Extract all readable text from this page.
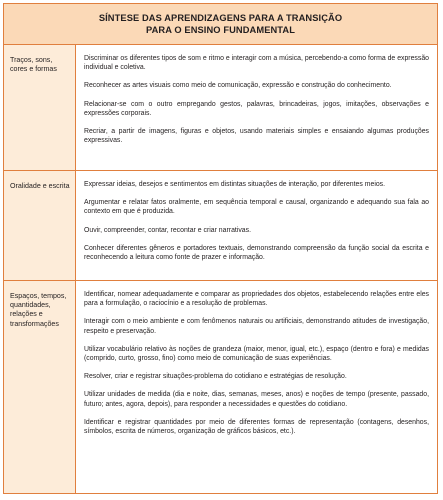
SÍNTESE DAS APRENDIZAGENS PARA A TRANSIÇÃO
PARA O ENSINO FUNDAMENTAL
Traços, sons, cores e formas

Discriminar os diferentes tipos de som e ritmo e interagir com a música, percebendo-a como forma de expressão individual e coletiva.

Reconhecer as artes visuais como meio de comunicação, expressão e construção do conhecimento.

Relacionar-se com o outro empregando gestos, palavras, brincadeiras, jogos, imitações, observações e expressões corporais.

Recriar, a partir de imagens, figuras e objetos, usando materiais simples e ensaiando algumas produções expressivas.

Oralidade e escrita	Expressar ideias, desejos e sentimentos em distintas situações de interação, por diferentes meios.

Argumentar e relatar fatos oralmente, em sequência temporal e causal, organizando e adequando sua fala ao contexto em que é produzida.

Ouvir, compreender, contar, recontar e criar narrativas.

Conhecer diferentes gêneros e portadores textuais, demonstrando compreensão da função social da escrita e reconhecendo a leitura como fonte de prazer e informação.

Espaços, tempos, quantidades, relações e transformações

Identificar, nomear adequadamente e comparar as propriedades dos objetos, estabelecendo relações entre eles para a formulação, o raciocínio e a resolução de problemas.

Interagir com o meio ambiente e com fenômenos naturais ou artificiais, demonstrando atitudes de investigação, respeito e preservação.

Utilizar vocabulário relativo às noções de grandeza (maior, menor, igual, etc.), espaço (dentro e fora) e medidas (comprido, curto, grosso, fino) como meio de comunicação de suas experiências.

Resolver, criar e registrar situações-problema do cotidiano e estratégias de resolução.

Utilizar unidades de medida (dia e noite, dias, semanas, meses, anos) e noções de tempo (presente, passado, futuro; antes, agora, depois), para responder a necessidades e questões do cotidiano.

Identificar e registrar quantidades por meio de diferentes formas de representação (contagens, desenhos, símbolos, escrita de números, organização de gráficos básicos, etc.).
